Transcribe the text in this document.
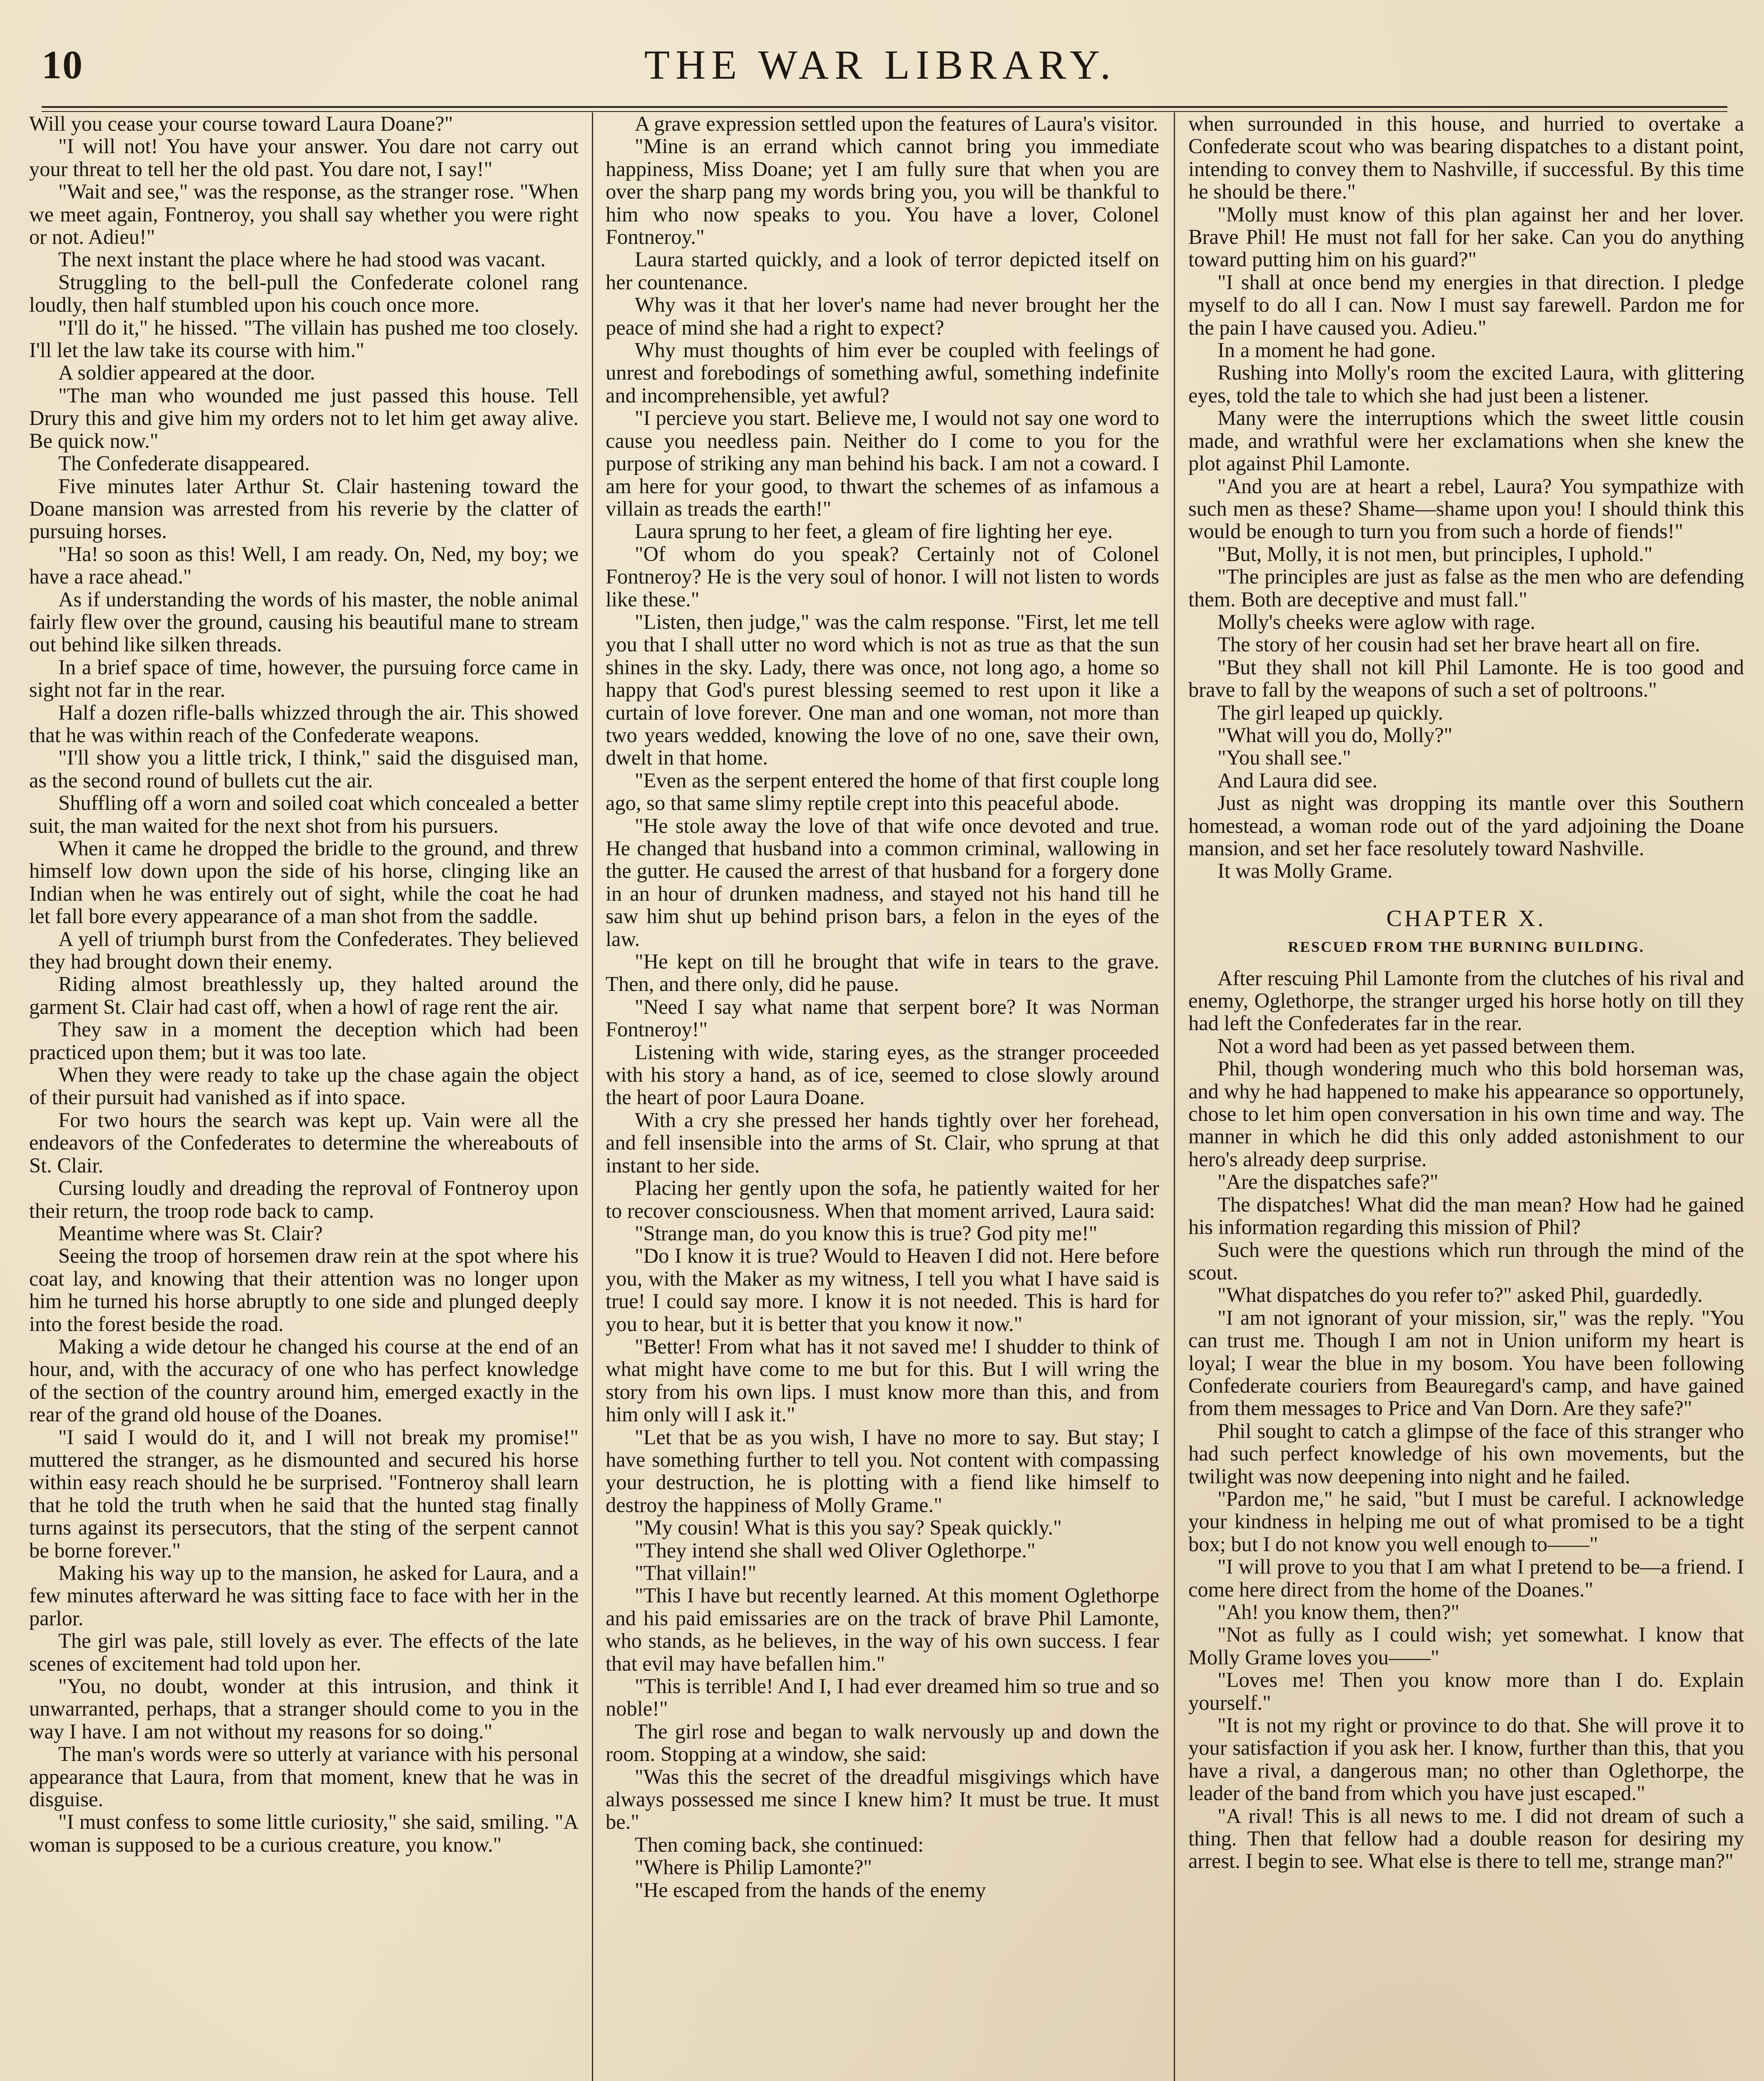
10	THE WAR LIBRARY.

Will you cease your course toward Laura Doane?"

"I will not! You have your answer. You dare not carry out your threat to tell her the old past. You dare not, I say!"

"Wait and see," was the response, as the stranger rose. "When we meet again, Fontneroy, you shall say whether you were right or not. Adieu!"

The next instant the place where he had stood was vacant.

Struggling to the bell-pull the Confederate colonel rang loudly, then half stumbled upon his couch once more.

"I'll do it," he hissed. "The villain has pushed me too closely. I'll let the law take its course with him."

A soldier appeared at the door.

"The man who wounded me just passed this house. Tell Drury this and give him my orders not to let him get away alive. Be quick now."

The Confederate disappeared.

Five minutes later Arthur St. Clair hastening toward the Doane mansion was arrested from his reverie by the clatter of pursuing horses.

"Ha! so soon as this! Well, I am ready. On, Ned, my boy; we have a race ahead."

As if understanding the words of his master, the noble animal fairly flew over the ground, causing his beautiful mane to stream out behind like silken threads.

In a brief space of time, however, the pursuing force came in sight not far in the rear.

Half a dozen rifle-balls whizzed through the air. This showed that he was within reach of the Confederate weapons.

"I'll show you a little trick, I think," said the disguised man, as the second round of bullets cut the air.

Shuffling off a worn and soiled coat which concealed a better suit, the man waited for the next shot from his pursuers.

When it came he dropped the bridle to the ground, and threw himself low down upon the side of his horse, clinging like an Indian when he was entirely out of sight, while the coat he had let fall bore every appearance of a man shot from the saddle.

A yell of triumph burst from the Confederates. They believed they had brought down their enemy.

Riding almost breathlessly up, they halted around the garment St. Clair had cast off, when a howl of rage rent the air.

They saw in a moment the deception which had been practiced upon them; but it was too late.

When they were ready to take up the chase again the object of their pursuit had vanished as if into space.

For two hours the search was kept up. Vain were all the endeavors of the Confederates to determine the whereabouts of St. Clair.

Cursing loudly and dreading the reproval of Fontneroy upon their return, the troop rode back to camp.

Meantime where was St. Clair?

Seeing the troop of horsemen draw rein at the spot where his coat lay, and knowing that their attention was no longer upon him he turned his horse abruptly to one side and plunged deeply into the forest beside the road.

Making a wide detour he changed his course at the end of an hour, and, with the accuracy of one who has perfect knowledge of the section of the country around him, emerged exactly in the rear of the grand old house of the Doanes.

"I said I would do it, and I will not break my promise!" muttered the stranger, as he dismounted and secured his horse within easy reach should he be surprised. "Fontneroy shall learn that he told the truth when he said that the hunted stag finally turns against its persecutors, that the sting of the serpent cannot be borne forever."

Making his way up to the mansion, he asked for Laura, and a few minutes afterward he was sitting face to face with her in the parlor.

The girl was pale, still lovely as ever. The effects of the late scenes of excitement had told upon her.

"You, no doubt, wonder at this intrusion, and think it unwarranted, perhaps, that a stranger should come to you in the way I have. I am not without my reasons for so doing."

The man's words were so utterly at variance with his personal appearance that Laura, from that moment, knew that he was in disguise.

"I must confess to some little curiosity," she said, smiling. "A woman is supposed to be a curious creature, you know."

A grave expression settled upon the features of Laura's visitor.

"Mine is an errand which cannot bring you immediate happiness, Miss Doane; yet I am fully sure that when you are over the sharp pang my words bring you, you will be thankful to him who now speaks to you. You have a lover, Colonel Fontneroy."

Laura started quickly, and a look of terror depicted itself on her countenance.

Why was it that her lover's name had never brought her the peace of mind she had a right to expect?

Why must thoughts of him ever be coupled with feelings of unrest and forebodings of something awful, something indefinite and incomprehensible, yet awful?

"I percieve you start. Believe me, I would not say one word to cause you needless pain. Neither do I come to you for the purpose of striking any man behind his back. I am not a coward. I am here for your good, to thwart the schemes of as infamous a villain as treads the earth!"

Laura sprung to her feet, a gleam of fire lighting her eye.

"Of whom do you speak? Certainly not of Colonel Fontneroy? He is the very soul of honor. I will not listen to words like these."

"Listen, then judge," was the calm response. "First, let me tell you that I shall utter no word which is not as true as that the sun shines in the sky. Lady, there was once, not long ago, a home so happy that God's purest blessing seemed to rest upon it like a curtain of love forever. One man and one woman, not more than two years wedded, knowing the love of no one, save their own, dwelt in that home.

"Even as the serpent entered the home of that first couple long ago, so that same slimy reptile crept into this peaceful abode.

"He stole away the love of that wife once devoted and true. He changed that husband into a common criminal, wallowing in the gutter. He caused the arrest of that husband for a forgery done in an hour of drunken madness, and stayed not his hand till he saw him shut up behind prison bars, a felon in the eyes of the law.

"He kept on till he brought that wife in tears to the grave. Then, and there only, did he pause.

"Need I say what name that serpent bore? It was Norman Fontneroy!"

Listening with wide, staring eyes, as the stranger proceeded with his story a hand, as of ice, seemed to close slowly around the heart of poor Laura Doane.

With a cry she pressed her hands tightly over her forehead, and fell insensible into the arms of St. Clair, who sprung at that instant to her side.

Placing her gently upon the sofa, he patiently waited for her to recover consciousness. When that moment arrived, Laura said:

"Strange man, do you know this is true? God pity me!"

"Do I know it is true? Would to Heaven I did not. Here before you, with the Maker as my witness, I tell you what I have said is true! I could say more. I know it is not needed. This is hard for you to hear, but it is better that you know it now."

"Better! From what has it not saved me! I shudder to think of what might have come to me but for this. But I will wring the story from his own lips. I must know more than this, and from him only will I ask it."

"Let that be as you wish, I have no more to say. But stay; I have something further to tell you. Not content with compassing your destruction, he is plotting with a fiend like himself to destroy the happiness of Molly Grame."

"My cousin! What is this you say? Speak quickly."

"They intend she shall wed Oliver Oglethorpe."

"That villain!"

"This I have but recently learned. At this moment Oglethorpe and his paid emissaries are on the track of brave Phil Lamonte, who stands, as he believes, in the way of his own success. I fear that evil may have befallen him."

"This is terrible! And I, I had ever dreamed him so true and so noble!"

The girl rose and began to walk nervously up and down the room. Stopping at a window, she said:

"Was this the secret of the dreadful misgivings which have always possessed me since I knew him? It must be true. It must be."

Then coming back, she continued:

"Where is Philip Lamonte?"

"He escaped from the hands of the enemy

when surrounded in this house, and hurried to overtake a Confederate scout who was bearing dispatches to a distant point, intending to convey them to Nashville, if successful. By this time he should be there."

"Molly must know of this plan against her and her lover. Brave Phil! He must not fall for her sake. Can you do anything toward putting him on his guard?"

"I shall at once bend my energies in that direction. I pledge myself to do all I can. Now I must say farewell. Pardon me for the pain I have caused you. Adieu."

In a moment he had gone.

Rushing into Molly's room the excited Laura, with glittering eyes, told the tale to which she had just been a listener.

Many were the interruptions which the sweet little cousin made, and wrathful were her exclamations when she knew the plot against Phil Lamonte.

"And you are at heart a rebel, Laura? You sympathize with such men as these? Shame—shame upon you! I should think this would be enough to turn you from such a horde of fiends!"

"But, Molly, it is not men, but principles, I uphold."

"The principles are just as false as the men who are defending them. Both are deceptive and must fall."

Molly's cheeks were aglow with rage.

The story of her cousin had set her brave heart all on fire.

"But they shall not kill Phil Lamonte. He is too good and brave to fall by the weapons of such a set of poltroons."

The girl leaped up quickly.

"What will you do, Molly?"

"You shall see."

And Laura did see.

Just as night was dropping its mantle over this Southern homestead, a woman rode out of the yard adjoining the Doane mansion, and set her face resolutely toward Nashville.

It was Molly Grame.

CHAPTER X.
RESCUED FROM THE BURNING BUILDING.

After rescuing Phil Lamonte from the clutches of his rival and enemy, Oglethorpe, the stranger urged his horse hotly on till they had left the Confederates far in the rear.

Not a word had been as yet passed between them.

Phil, though wondering much who this bold horseman was, and why he had happened to make his appearance so opportunely, chose to let him open conversation in his own time and way. The manner in which he did this only added astonishment to our hero's already deep surprise.

"Are the dispatches safe?"

The dispatches! What did the man mean? How had he gained his information regarding this mission of Phil?

Such were the questions which run through the mind of the scout.

"What dispatches do you refer to?" asked Phil, guardedly.

"I am not ignorant of your mission, sir," was the reply. "You can trust me. Though I am not in Union uniform my heart is loyal; I wear the blue in my bosom. You have been following Confederate couriers from Beauregard's camp, and have gained from them messages to Price and Van Dorn. Are they safe?"

Phil sought to catch a glimpse of the face of this stranger who had such perfect knowledge of his own movements, but the twilight was now deepening into night and he failed.

"Pardon me," he said, "but I must be careful. I acknowledge your kindness in helping me out of what promised to be a tight box; but I do not know you well enough to——"

"I will prove to you that I am what I pretend to be—a friend. I come here direct from the home of the Doanes."

"Ah! you know them, then?"

"Not as fully as I could wish; yet somewhat. I know that Molly Grame loves you——"

"Loves me! Then you know more than I do. Explain yourself."

"It is not my right or province to do that. She will prove it to your satisfaction if you ask her. I know, further than this, that you have a rival, a dangerous man; no other than Oglethorpe, the leader of the band from which you have just escaped."

"A rival! This is all news to me. I did not dream of such a thing. Then that fellow had a double reason for desiring my arrest. I begin to see. What else is there to tell me, strange man?"
